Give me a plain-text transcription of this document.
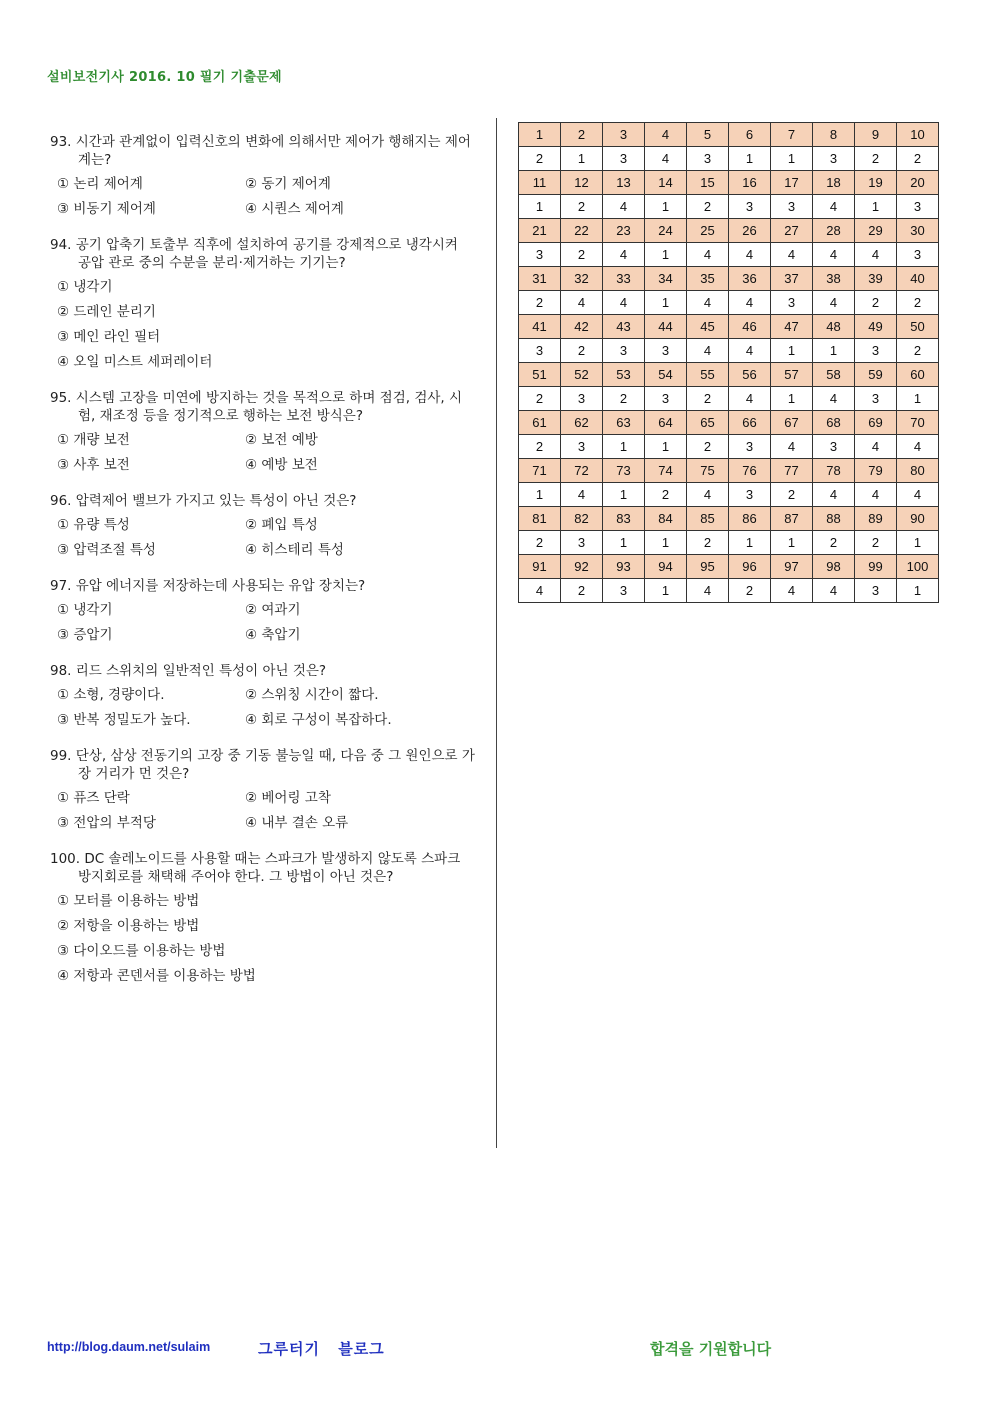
설비보전기사 2016. 10 필기 기출문제
93. 시간과 관계없이 입력신호의 변화에 의해서만 제어가 행해지는 제어계는?
① 논리 제어계	② 동기 제어계
③ 비동기 제어계	④ 시퀀스 제어계
94. 공기 압축기 토출부 직후에 설치하여 공기를 강제적으로 냉각시켜 공압 관로 중의 수분을 분리·제거하는 기기는?
① 냉각기
② 드레인 분리기
③ 메인 라인 필터
④ 오일 미스트 세퍼레이터
95. 시스템 고장을 미연에 방지하는 것을 목적으로 하며 점검, 검사, 시험, 재조정 등을 정기적으로 행하는 보전 방식은?
① 개량 보전	② 보전 예방
③ 사후 보전	④ 예방 보전
96. 압력제어 밸브가 가지고 있는 특성이 아닌 것은?
① 유량 특성	② 폐입 특성
③ 압력조절 특성	④ 히스테리 특성
97. 유압 에너지를 저장하는데 사용되는 유압 장치는?
① 냉각기	② 여과기
③ 증압기	④ 축압기
98. 리드 스위치의 일반적인 특성이 아닌 것은?
① 소형, 경량이다.	② 스위칭 시간이 짧다.
③ 반복 정밀도가 높다.	④ 회로 구성이 복잡하다.
99. 단상, 삼상 전동기의 고장 중 기동 불능일 때, 다음 중 그 원인으로 가장 거리가 먼 것은?
① 퓨즈 단락	② 베어링 고착
③ 전압의 부적당	④ 내부 결손 오류
100. DC 솔레노이드를 사용할 때는 스파크가 발생하지 않도록 스파크 방지회로를 채택해 주어야 한다. 그 방법이 아닌 것은?
① 모터를 이용하는 방법
② 저항을 이용하는 방법
③ 다이오드를 이용하는 방법
④ 저항과 콘덴서를 이용하는 방법
1	2	3	4	5	6	7	8	9	10
2	1	3	4	3	1	1	3	2	2
11	12	13	14	15	16	17	18	19	20
1	2	4	1	2	3	3	4	1	3
21	22	23	24	25	26	27	28	29	30
3	2	4	1	4	4	4	4	4	3
31	32	33	34	35	36	37	38	39	40
2	4	4	1	4	4	3	4	2	2
41	42	43	44	45	46	47	48	49	50
3	2	3	3	4	4	1	1	3	2
51	52	53	54	55	56	57	58	59	60
2	3	2	3	2	4	1	4	3	1
61	62	63	64	65	66	67	68	69	70
2	3	1	1	2	3	4	3	4	4
71	72	73	74	75	76	77	78	79	80
1	4	1	2	4	3	2	4	4	4
81	82	83	84	85	86	87	88	89	90
2	3	1	1	2	1	1	2	2	1
91	92	93	94	95	96	97	98	99	100
4	2	3	1	4	2	4	4	3	1
http://blog.daum.net/sulaim	그루터기 블로그	합격을 기원합니다
